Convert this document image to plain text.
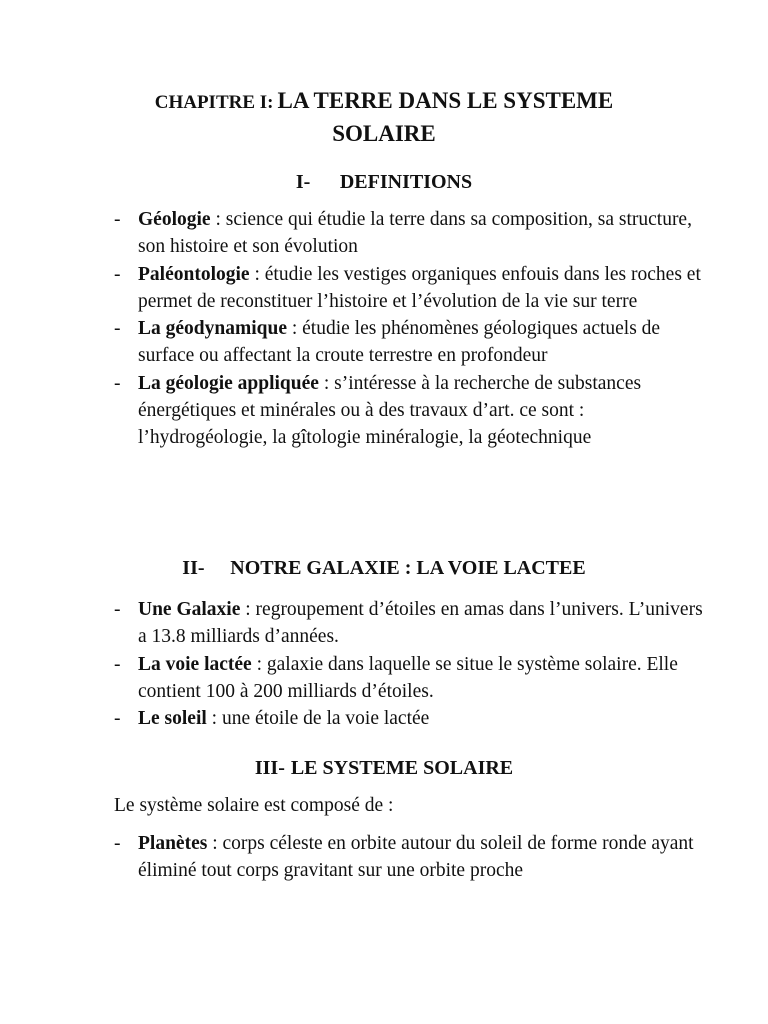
CHAPITRE I: LA TERRE DANS LE SYSTEME
SOLAIRE
I- DEFINITIONS
- Géologie : science qui étudie la terre dans sa composition, sa structure, son histoire et son évolution
- Paléontologie : étudie les vestiges organiques enfouis dans les roches et permet de reconstituer l’histoire et l’évolution de la vie sur terre
- La géodynamique : étudie les phénomènes géologiques actuels de surface ou affectant la croute terrestre en profondeur
- La géologie appliquée : s’intéresse à la recherche de substances énergétiques et minérales ou à des travaux d’art. ce sont : l’hydrogéologie, la gîtologie minéralogie, la géotechnique
II- NOTRE GALAXIE : LA VOIE LACTEE
- Une Galaxie : regroupement d’étoiles en amas dans l’univers. L’univers a 13.8 milliards d’années.
- La voie lactée : galaxie dans laquelle se situe le système solaire. Elle contient 100 à 200 milliards d’étoiles.
- Le soleil : une étoile de la voie lactée
III- LE SYSTEME SOLAIRE
Le système solaire est composé de :
- Planètes : corps céleste en orbite autour du soleil de forme ronde ayant éliminé tout corps gravitant sur une orbite proche
